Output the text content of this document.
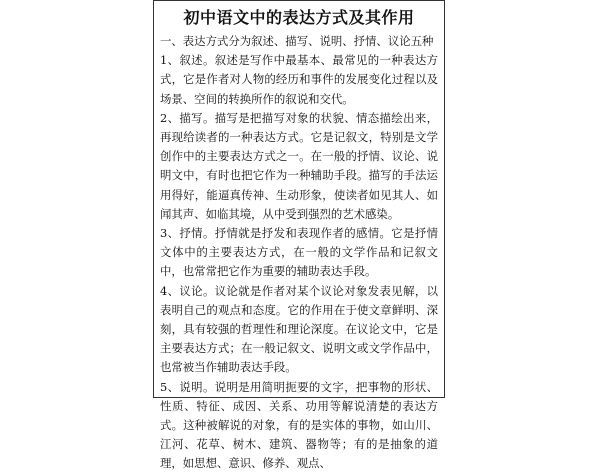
初中语文中的表达方式及其作用

一、表达方式分为叙述、描写、说明、抒情、议论五种

1、叙述。叙述是写作中最基本、最常见的一种表达方式，它是作者对人物的经历和事件的发展变化过程以及场景、空间的转换所作的叙说和交代。

2、描写。描写是把描写对象的状貌、情态描绘出来，再现给读者的一种表达方式。它是记叙文，特别是文学创作中的主要表达方式之一。在一般的抒情、议论、说明文中，有时也把它作为一种辅助手段。描写的手法运用得好，能逼真传神、生动形象，使读者如见其人、如闻其声、如临其境，从中受到强烈的艺术感染。

3、抒情。抒情就是抒发和表现作者的感情。它是抒情文体中的主要表达方式，在一般的文学作品和记叙文中，也常常把它作为重要的辅助表达手段。

4、议论。议论就是作者对某个议论对象发表见解，以表明自己的观点和态度。它的作用在于使文章鲜明、深刻，具有较强的哲理性和理论深度。在议论文中，它是主要表达方式；在一般记叙文、说明文或文学作品中，也常被当作辅助表达手段。

5、说明。说明是用简明扼要的文字，把事物的形状、性质、特征、成因、关系、功用等解说清楚的表达方式。这种被解说的对象，有的是实体的事物，如山川、江河、花草、树木、建筑、器物等；有的是抽象的道理，如思想、意识、修养、观点、
